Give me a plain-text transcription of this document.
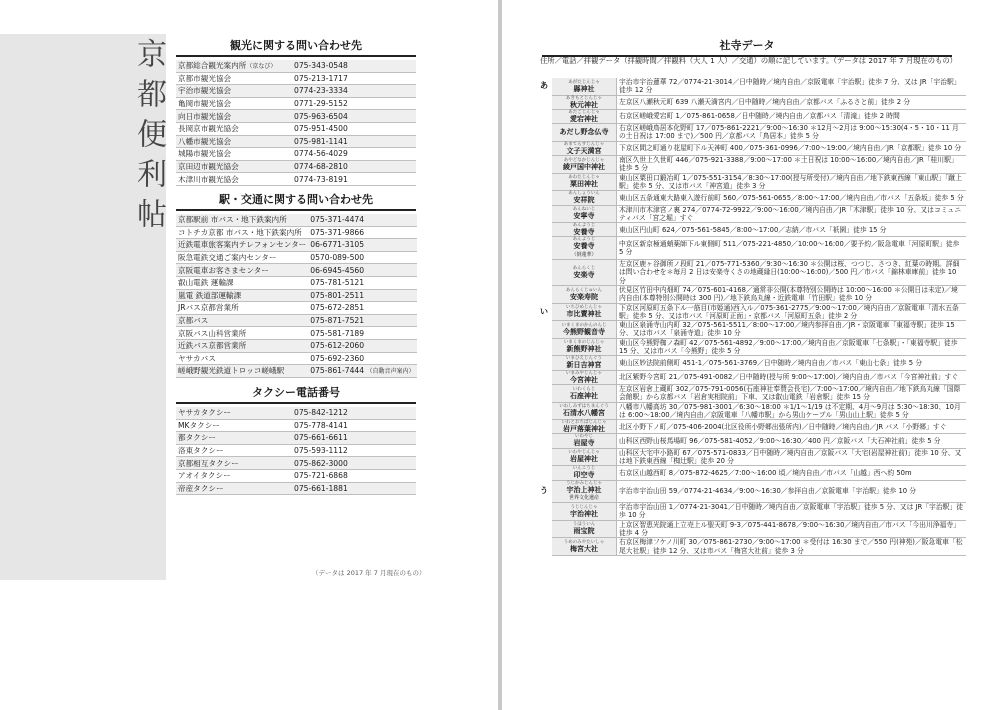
京都便利帖	観光に関する問い合わせ先
京都総合観光案内所（京なび）	075-343-0548
京都市観光協会	075-213-1717
宇治市観光協会	0774-23-3334
亀岡市観光協会	0771-29-5152
向日市観光協会	075-963-6504
長岡京市観光協会	075-951-4500
八幡市観光協会	075-981-1141
城陽市観光協会	0774-56-4029
京田辺市観光協会	0774-68-2810
木津川市観光協会	0774-73-8191
駅・交通に関する問い合わせ先
京都駅前 市バス・地下鉄案内所	075-371-4474
コトチカ京都 市バス・地下鉄案内所	075-371-9866
近鉄電車旅客案内テレフォンセンター	06-6771-3105
阪急電鉄交通ご案内センター	0570-089-500
京阪電車お客さまセンター	06-6945-4560
叡山電鉄 運輸課	075-781-5121
嵐電 鉄道部運輸課	075-801-2511
JRバス京都営業所	075-672-2851
京都バス	075-871-7521
京阪バス山科営業所	075-581-7189
近鉄バス京都営業所	075-612-2060
ヤサカバス	075-692-2360
嵯峨野観光鉄道トロッコ嵯峨駅	075-861-7444 （自動音声案内）
タクシー電話番号
ヤサカタクシー	075-842-1212
MKタクシー	075-778-4141
都タクシー	075-661-6611
洛東タクシー	075-593-1112
京都相互タクシー	075-862-3000
アオイタクシー	075-721-6868
帝産タクシー	075-661-1881
（データは 2017 年 7 月現在のもの）
社寺データ
住所／電話／拝観データ（拝観時間／拝観料（大人 1 人）／交通）の順に記しています。（データは 2017 年 7 月現在のもの）
あ	あがたじんじゃ
縣神社	宇治市宇治蓮華 72／0774-21-3014／日中随時／境内自由／京阪電車「宇治駅」徒歩 7 分、又は JR「宇治駅」徒歩 12 分

	あきもとじんじゃ
秋元神社	左京区八瀬秋元町 639 八瀬天満宮内／日中随時／境内自由／京都バス「ふるさと前」徒歩 2 分

	あたごじんじゃ
愛宕神社	右京区嵯峨愛宕町 1／075-861-0658／日中随時／境内自由／京都バス「清滝」徒歩 2 時間

あだし野念仏寺	右京区嵯峨鳥居本化野町 17／075-861-2221／9:00～16:30 ＊12月～2月は 9:00～15:30(4・5・10・11 月の土日祝は 17:00 まで)／500 円／京都バス「鳥居本」徒歩 5 分

	あまてらすじんじゃ
文子天満宮	下京区間之町通り花屋町下ル天神町 400／075-361-0996／7:00～19:00／境内自由／JR「京都駅」徒歩 10 分

	あやどなかじんじゃ
綾戸国中神社	南区久世上久世町 446／075-921-3388／9:00～17:00 ＊土日祝は 10:00～16:00／境内自由／JR「桂川駅」徒歩 5 分

	あわたじんじゃ
粟田神社	東山区粟田口鍛冶町 1／075-551-3154／8:30～17:00(授与所受付)／境内自由／地下鉄東西線「東山駅」「蹴上駅」徒歩 5 分、又は市バス「神宮道」徒歩 3 分

	あんしょういん
安祥院	東山区五条通東大路東入遊行前町 560／075-561-0655／8:00～17:00／境内自由／市バス「五条坂」徒歩 5 分

	あんねいじ
安寧寺	木津川市木津宮ノ裏 274／0774-72-9922／9:00～16:00／境内自由／JR「木津駅」徒歩 10 分、又はコミュニティバス「宮之堀」すぐ

	あんようじ
安養寺	東山区円山町 624／075-561-5845／8:00～17:00／志納／市バス「祇園」徒歩 15 分

	あんようじ
安養寺
（倒蓮華）	中京区新京極通蛸薬師下ル東側町 511／075-221-4850／10:00～16:00／要予約／阪急電車「河原町駅」徒歩 5 分

	あんらくじ
安楽寺	左京区鹿ヶ谷御所ノ段町 21／075-771-5360／9:30～16:30 ＊公開は桜、つつじ、さつき、紅葉の時期。詳細は問い合わせを＊毎月 2 日は安楽寺くさの地蔵縁日(10:00～16:00)／500 円／市バス「錦林車庫前」徒歩 10 分

	あんらくじゅいん
安楽寿院	伏見区竹田中内畑町 74／075-601-4168／通常非公開(本尊特別公開時は 10:00～16:00 ＊公開日は未定)／境内自由(本尊特別公開時は 300 円)／地下鉄烏丸線・近鉄電車「竹田駅」徒歩 10 分
い	いちひめじんじゃ
市比賣神社	下京区河原町五条下ル一筋目(市姫通)西入ル／075-361-2775／9:00～17:00／境内自由／京阪電車「清水五条駅」徒歩 5 分、又は市バス「河原町正面」・京都バス「河原町五条」徒歩 2 分

	いまくまのかんのんじ
今熊野観音寺	東山区泉涌寺山内町 32／075-561-5511／8:00～17:00／境内参拝自由／JR・京阪電車「東福寺駅」徒歩 15 分、又は市バス「泉涌寺道」徒歩 10 分

	いまくまのじんじゃ
新熊野神社	東山区今熊野椥ノ森町 42／075-561-4892／9:00～17:00／境内自由／京阪電車「七条駅」・「東福寺駅」徒歩 15 分、又は市バス「今熊野」徒歩 5 分

	いまひえじんぐう
新日吉神宮	東山区妙法院前側町 451-1／075-561-3769／日中随時／境内自由／市バス「東山七条」徒歩 5 分

	いまみやじんじゃ
今宮神社	北区紫野今宮町 21／075-491-0082／日中随時(授与所 9:00～17:00)／境内自由／市バス「今宮神社前」すぐ

	いわくらじ
石座神社	左京区岩倉上蔵町 302／075-791-0056(石座神社奉賛会長宅)／7:00～17:00／境内自由／地下鉄烏丸線「国際会館駅」から京都バス「岩倉実相院前」下車、又は叡山電鉄「岩倉駅」徒歩 15 分

	いわしみずはちまんぐう
石清水八幡宮	八幡市八幡高坊 30／075-981-3001／6:30～18:00 ＊1/1～1/19 は不定期、4月～9月は 5:30～18:30、10月は 6:00～18:00／境内自由／京阪電車「八幡市駅」から男山ケーブル「男山山上駅」徒歩 5 分

	いわとおちばじんじゃ
岩戸落葉神社	北区小野下ノ町／075-406-2004(北区役所小野郷出張所内)／日中随時／境内自由／JR バス「小野郷」すぐ

	いわやじ
岩屋寺	山科区西野山桜馬場町 96／075-581-4052／9:00～16:30／400 円／京阪バス「大石神社前」徒歩 5 分

	いわやじんじゃ
岩屋神社	山科区大宅中小路町 67／075-571-0833／日中随時／境内自由／京阪バス「大宅(岩屋神社前)」徒歩 10 分、又は地下鉄東西線「椥辻駅」徒歩 20 分

	いんこうじ
印空寺	右京区山越西町 8／075-872-4625／7:00～16:00 頃／境内自由／市バス「山越」西へ約 50m
う	うじかみじんじゃ
宇治上神社
世界文化遺産	宇治市宇治山田 59／0774-21-4634／9:00～16:30／参拝自由／京阪電車「宇治駅」徒歩 10 分

	うじじんじゃ
宇治神社	宇治市宇治山田 1／0774-21-3041／日中随時／境内自由／京阪電車「宇治駅」徒歩 5 分、又は JR「宇治駅」徒歩 10 分

	うほういん
雨宝院	上京区智恵光院通上立売上ル聖天町 9-3／075-441-8678／9:00～16:30／境内自由／市バス「今出川浄福寺」徒歩 4 分

	うめのみやたいしゃ
梅宮大社	右京区梅津フケノ川町 30／075-861-2730／9:00～17:00 ＊受付は 16:30 まで／550 円(神苑)／阪急電車「松尾大社駅」徒歩 12 分、又は市バス「梅宮大社前」徒歩 3 分
